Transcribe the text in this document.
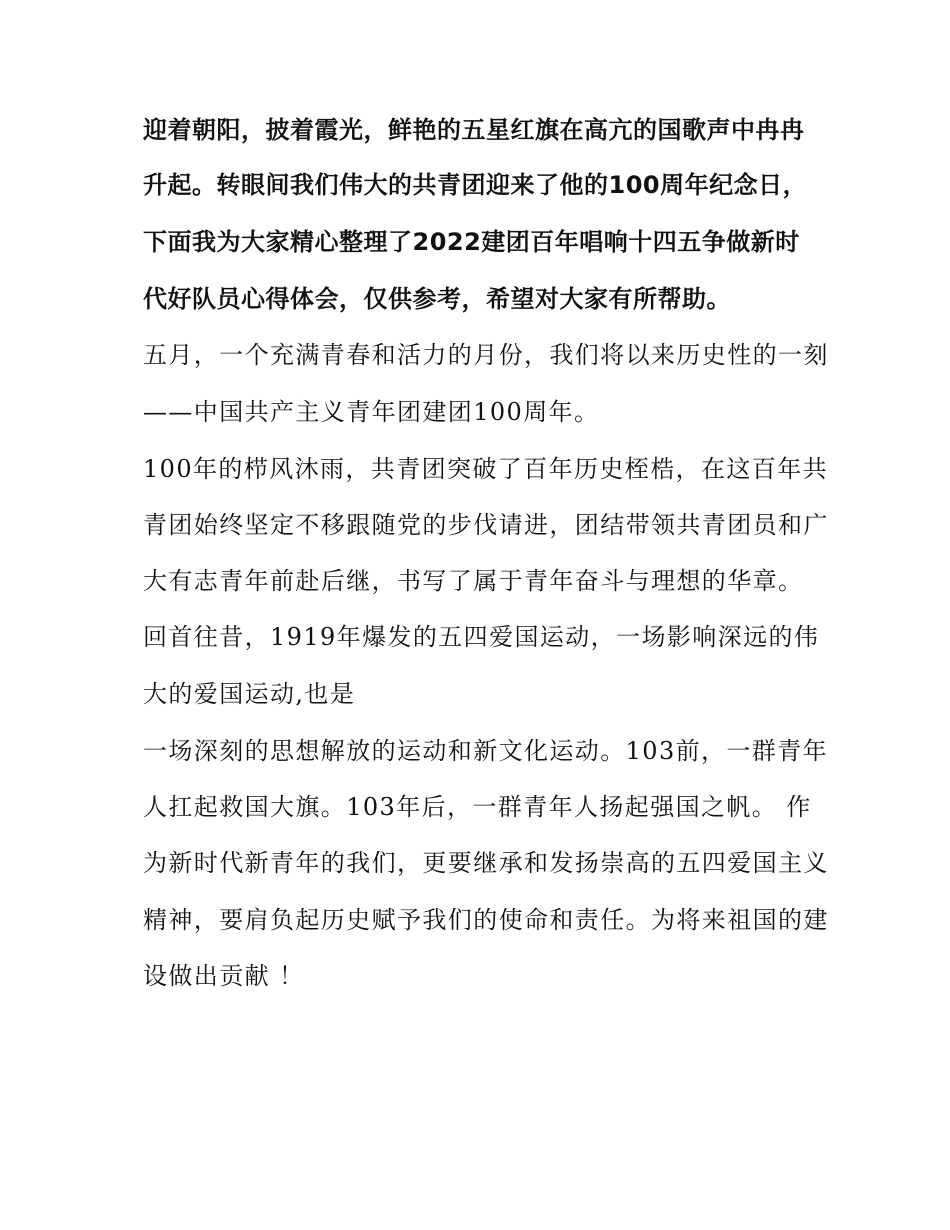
迎着朝阳，披着霞光，鲜艳的五星红旗在高亢的国歌声中冉冉
升起。转眼间我们伟大的共青团迎来了他的100周年纪念日，
下面我为大家精心整理了2022建团百年唱响十四五争做新时
代好队员心得体会，仅供参考，希望对大家有所帮助。
五月，一个充满青春和活力的月份，我们将以来历史性的一刻
——中国共产主义青年团建团100周年。
100年的栉风沐雨，共青团突破了百年历史桎梏，在这百年共
青团始终坚定不移跟随党的步伐请进，团结带领共青团员和广
大有志青年前赴后继，书写了属于青年奋斗与理想的华章。
回首往昔，1919年爆发的五四爱国运动，一场影响深远的伟
大的爱国运动,也是
一场深刻的思想解放的运动和新文化运动。103前，一群青年
人扛起救国大旗。103年后，一群青年人扬起强国之帆。 作
为新时代新青年的我们，更要继承和发扬崇高的五四爱国主义
精神，要肩负起历史赋予我们的使命和责任。为将来祖国的建
设做出贡献 ！
